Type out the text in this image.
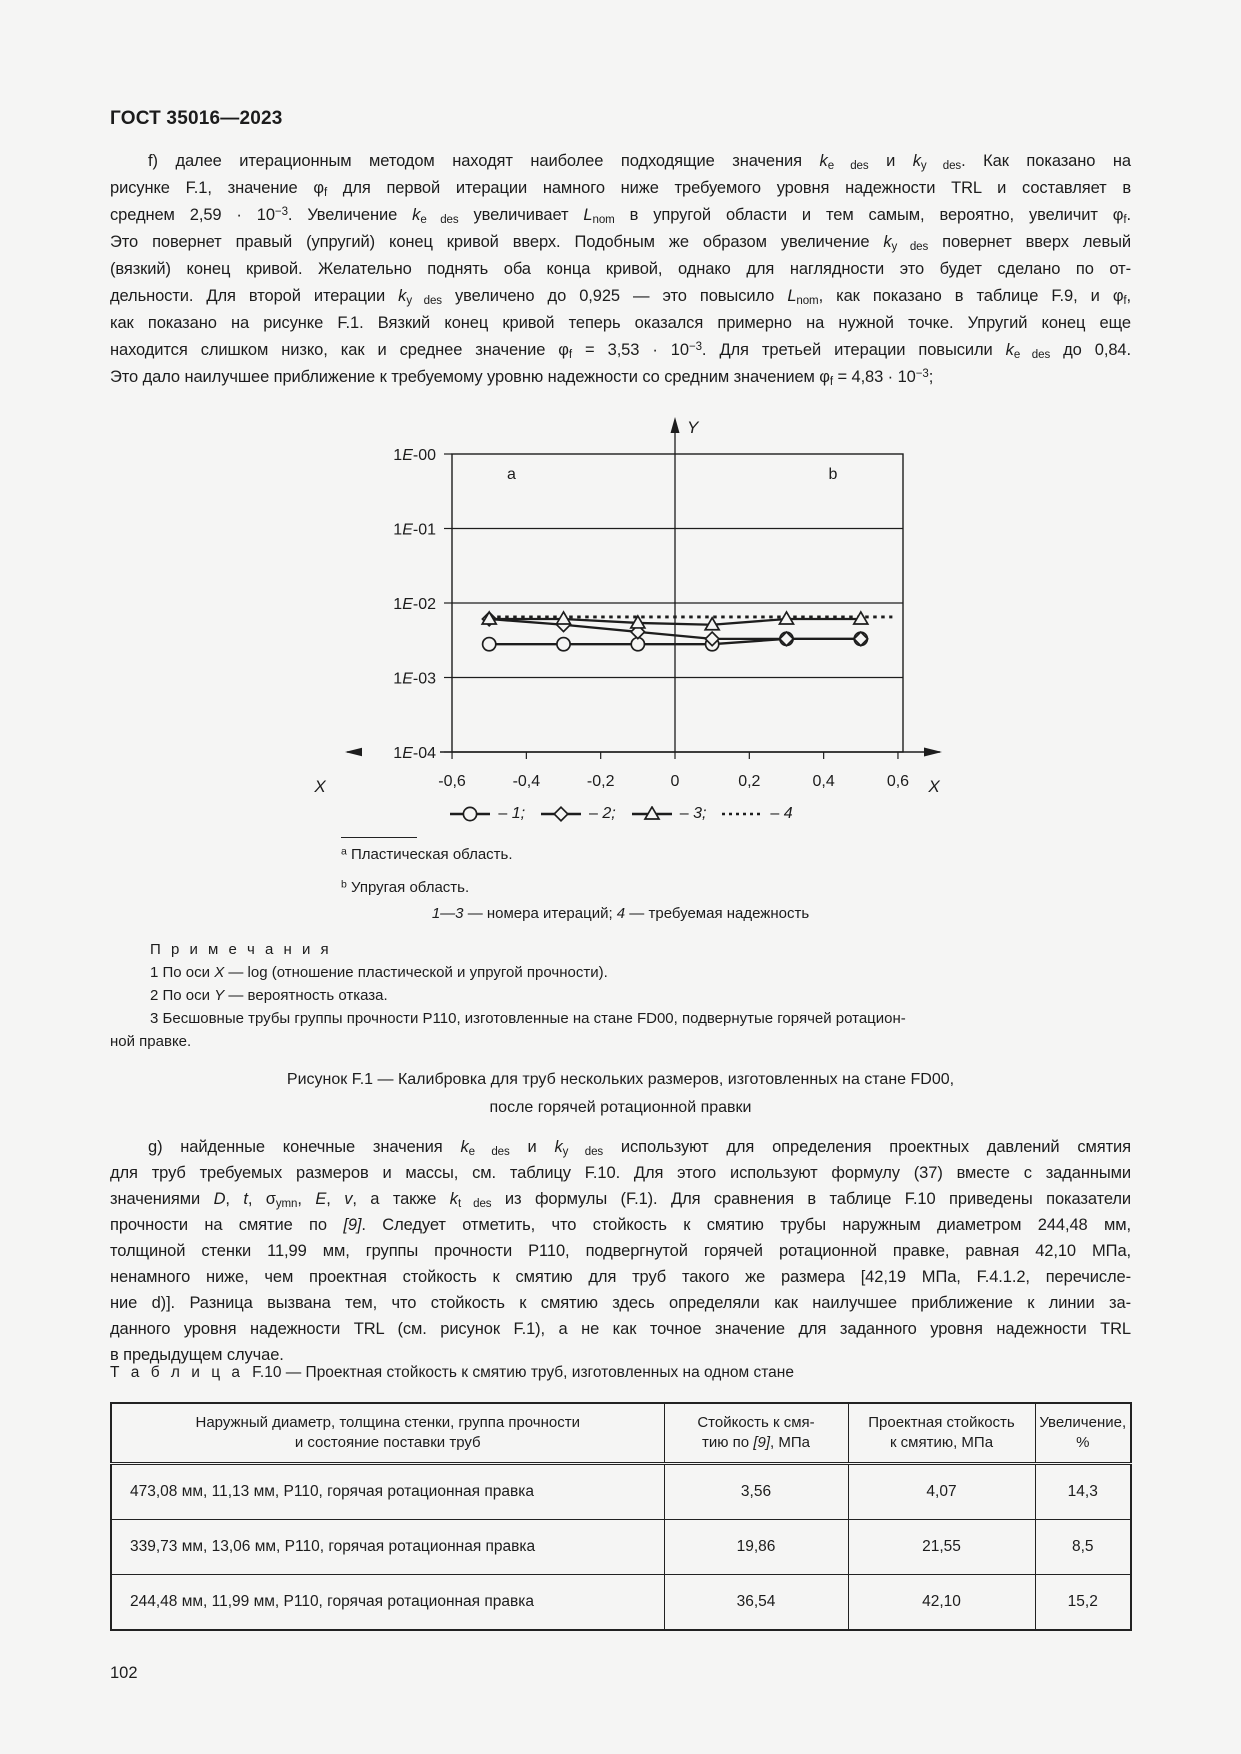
ГОСТ 35016—2023
f) далее итерационным методом находят наиболее подходящие значения $k_{e des}$ и $k_{y des}$. Как показано на
рисунке F.1, значение $\varphi_f$ для первой итерации намного ниже требуемого уровня надежности TRL и составляет в
среднем $2,59 \cdot 10^{-3}$. Увеличение $k_{e des}$ увеличивает $L_{nom}$ в упругой области и тем самым, вероятно, увеличит $\varphi_f$.
Это повернет правый (упругий) конец кривой вверх. Подобным же образом увеличение $k_{y des}$ повернет вверх левый
(вязкий) конец кривой. Желательно поднять оба конца кривой, однако для наглядности это будет сделано по от-
дельности. Для второй итерации $k_{y des}$ увеличено до 0,925 — это повысило $L_{nom}$, как показано в таблице F.9, и $\varphi_f$,
как показано на рисунке F.1. Вязкий конец кривой теперь оказался примерно на нужной точке. Упругий конец еще
находится слишком низко, как и среднее значение $\varphi_f = 3,53 \cdot 10^{-3}$. Для третьей итерации повысили $k_{e des}$ до 0,84.
Это дало наилучшее приближение к требуемому уровню надежности со средним значением $\varphi_f = 4,83 \cdot 10^{-3}$;
Y
1E-00
1E-01
1E-02
1E-03
1E-04
-0,6	-0,4	-0,2	0	0,2	0,4	0,6
X	X
a	b
– 1;	– 2;	– 3;	– 4
$^a$ Пластическая область.
$^b$ Упругая область.
1—3 — номера итераций; 4 — требуемая надежность
П р и м е ч а н и я
1 По оси X — log (отношение пластической и упругой прочности).
2 По оси Y — вероятность отказа.
3 Бесшовные трубы группы прочности Р110, изготовленные на стане FD00, подвернутые горячей ротацион-
ной правке.
Рисунок F.1 — Калибровка для труб нескольких размеров, изготовленных на стане FD00,
после горячей ротационной правки
g) найденные конечные значения $k_{e des}$ и $k_{y des}$ используют для определения проектных давлений смятия
для труб требуемых размеров и массы, см. таблицу F.10. Для этого используют формулу (37) вместе с заданными
значениями D, t, $\sigma_{ymn}$, E, v, а также $k_{t des}$ из формулы (F.1). Для сравнения в таблице F.10 приведены показатели
прочности на смятие по [9]. Следует отметить, что стойкость к смятию трубы наружным диаметром 244,48 мм,
толщиной стенки 11,99 мм, группы прочности Р110, подвергнутой горячей ротационной правке, равная 42,10 МПа,
ненамного ниже, чем проектная стойкость к смятию для труб такого же размера [42,19 МПа, F.4.1.2, перечисле-
ние d)]. Разница вызвана тем, что стойкость к смятию здесь определяли как наилучшее приближение к линии за-
данного уровня надежности TRL (см. рисунок F.1), а не как точное значение для заданного уровня надежности TRL
в предыдущем случае.
Т а б л и ц а F.10 — Проектная стойкость к смятию труб, изготовленных на одном стане
Наружный диаметр, толщина стенки, группа прочности
и состояние поставки труб	Стойкость к смя-
тию по [9], МПа	Проектная стойкость
к смятию, МПа	Увеличение,
%
473,08 мм, 11,13 мм, Р110, горячая ротационная правка	3,56	4,07	14,3
339,73 мм, 13,06 мм, Р110, горячая ротационная правка	19,86	21,55	8,5
244,48 мм, 11,99 мм, Р110, горячая ротационная правка	36,54	42,10	15,2
102
